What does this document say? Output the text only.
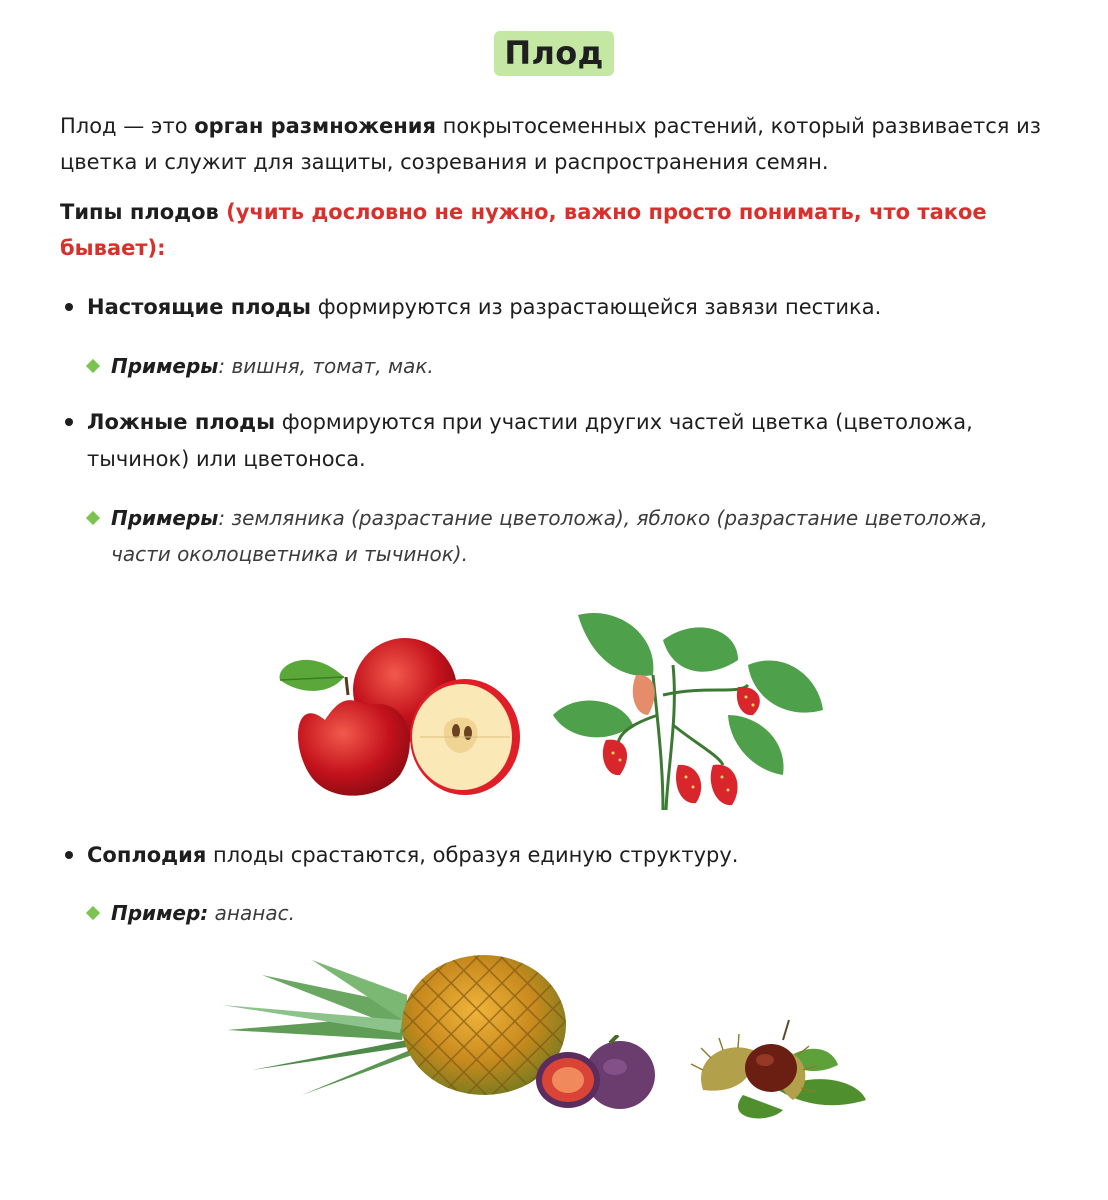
Плод

Плод — это орган размножения покрытосеменных растений, который развивается из цветка и служит для защиты, созревания и распространения семян.

Типы плодов (учить дословно не нужно, важно просто понимать, что такое бывает):

Настоящие плоды формируются из разрастающейся завязи пестика.

Примеры: вишня, томат, мак.

Ложные плоды формируются при участии других частей цветка (цветоложа, тычинок) или цветоноса.

Примеры: земляника (разрастание цветоложа), яблоко (разрастание цветоложа, части околоцветника и тычинок).

Соплодия плоды срастаются, образуя единую структуру.

Пример: ананас.
